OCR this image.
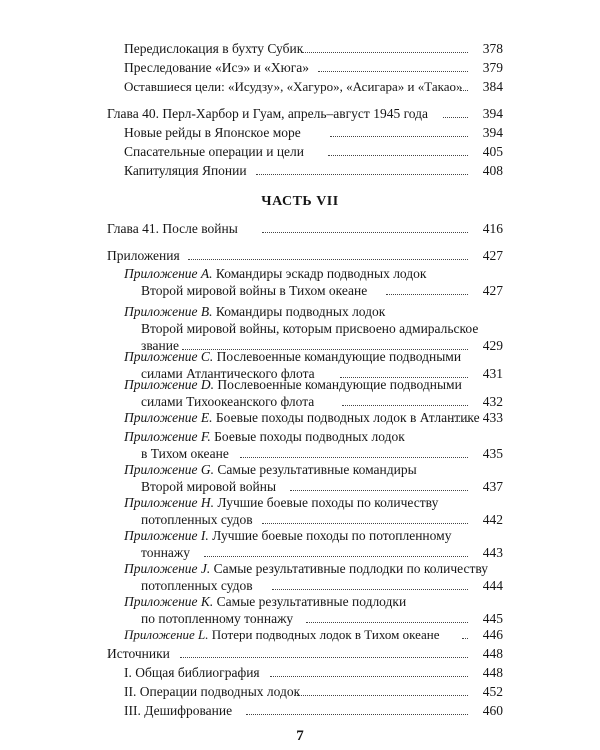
Передислокация в бухту Субик	378
Преследование «Исэ» и «Хюга»	379
Оставшиеся цели: «Исудзу», «Хагуро», «Асигара» и «Такао»	384
Глава 40. Перл-Харбор и Гуам, апрель–август 1945 года	394
Новые рейды в Японское море	394
Спасательные операции и цели	405
Капитуляция Японии	408
ЧАСТЬ VII
Глава 41. После войны	416
Приложения	427
Приложение A. Командиры эскадр подводных лодок
Второй мировой войны в Тихом океане	427
Приложение B. Командиры подводных лодок
Второй мировой войны, которым присвоено адмиральское
звание	429
Приложение C. Послевоенные командующие подводными
силами Атлантического флота	431
Приложение D. Послевоенные командующие подводными
силами Тихоокеанского флота	432
Приложение E. Боевые походы подводных лодок в Атлантике 433
Приложение F. Боевые походы подводных лодок
в Тихом океане	435
Приложение G. Самые результативные командиры
Второй мировой войны	437
Приложение H. Лучшие боевые походы по количеству
потопленных судов	442
Приложение I. Лучшие боевые походы по потопленному
тоннажу	443
Приложение J. Самые результативные подлодки по количеству
потопленных судов	444
Приложение K. Самые результативные подлодки
по потопленному тоннажу	445
Приложение L. Потери подводных лодок в Тихом океане	446
Источники	448
I. Общая библиография	448
II. Операции подводных лодок	452
III. Дешифрование	460
7
